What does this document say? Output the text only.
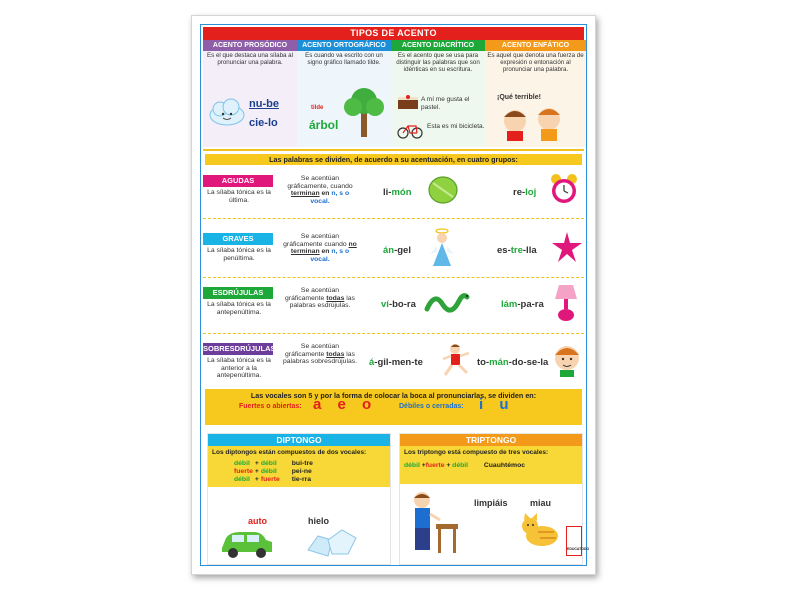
TIPOS DE ACENTO
ACENTO PROSÓDICO	ACENTO ORTOGRÁFICO	ACENTO DIACRÍTICO	ACENTO ENFÁTICO
Es el que destaca una sílaba al pronunciar una palabra.
Es cuando va escrito con un signo gráfico llamado tilde.
Es el acento que se usa para distinguir las palabras que son idénticas en su escritura.
Es aquel que denota una fuerza de expresión o entonación al pronunciar una palabra.
nu-be
cie-lo
tilde
árbol
A mí me gusta el pastel.
Esta es mi bicicleta.
¡Qué terrible!
Las palabras se dividen, de acuerdo a su acentuación, en cuatro grupos:
AGUDAS
La sílaba tónica es la última.
Se acentúan gráficamente, cuando terminan en n, s o vocal.
li-món	re-loj
GRAVES
La sílaba tónica es la penúltima.
Se acentúan gráficamente cuando no terminan en n, s o vocal.
án-gel	es-tre-lla
ESDRÚJULAS
La sílaba tónica es la antepenúltima.
Se acentúan gráficamente todas las palabras esdrújulas.	ví-bo-ra	lám-pa-ra
SOBRESDRÚJULAS
La sílaba tónica es la anterior a la antepenúltima.
Se acentúan gráficamente todas las palabras sobresdrújulas. á-gil-men-te	to-mán-do-se-la
Las vocales son 5 y por la forma de colocar la boca al pronunciarlas, se dividen en:
Fuertes o abiertas: a e o	Débiles o cerradas: i u
DIPTONGO
Los diptongos están compuestos de dos vocales:
débil	+	débil	bui-tre
fuerte	+	débil	pei-ne
débil	+	fuerte	tie-rra
auto	hielo
TRIPTONGO
Los triptongo está compuesto de tres vocales:
débil +fuerte + débil Cuauhtémoc
limpiáis miau
EDUCATODO
